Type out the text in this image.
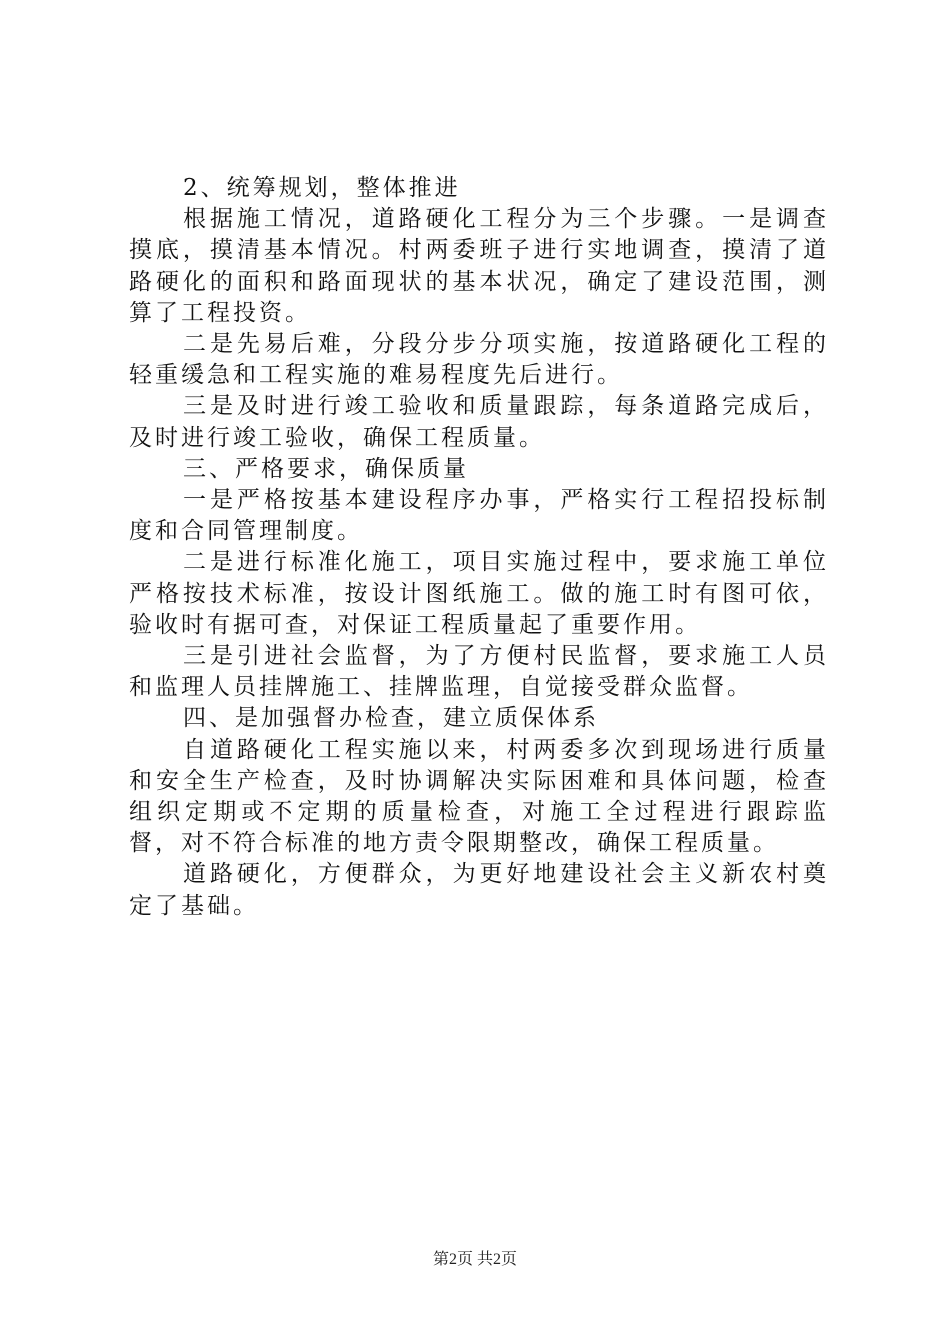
2、统筹规划，整体推进

根据施工情况，道路硬化工程分为三个步骤。一是调查摸底，摸清基本情况。村两委班子进行实地调查，摸清了道路硬化的面积和路面现状的基本状况，确定了建设范围，测算了工程投资。

二是先易后难，分段分步分项实施，按道路硬化工程的轻重缓急和工程实施的难易程度先后进行。

三是及时进行竣工验收和质量跟踪，每条道路完成后，及时进行竣工验收，确保工程质量。

三、严格要求，确保质量

一是严格按基本建设程序办事，严格实行工程招投标制度和合同管理制度。

二是进行标准化施工，项目实施过程中，要求施工单位严格按技术标准，按设计图纸施工。做的施工时有图可依，验收时有据可查，对保证工程质量起了重要作用。

三是引进社会监督，为了方便村民监督，要求施工人员和监理人员挂牌施工、挂牌监理，自觉接受群众监督。

四、是加强督办检查，建立质保体系

自道路硬化工程实施以来，村两委多次到现场进行质量和安全生产检查，及时协调解决实际困难和具体问题，检查组织定期或不定期的质量检查，对施工全过程进行跟踪监督，对不符合标准的地方责令限期整改，确保工程质量。

道路硬化，方便群众，为更好地建设社会主义新农村奠定了基础。

第2页 共2页
